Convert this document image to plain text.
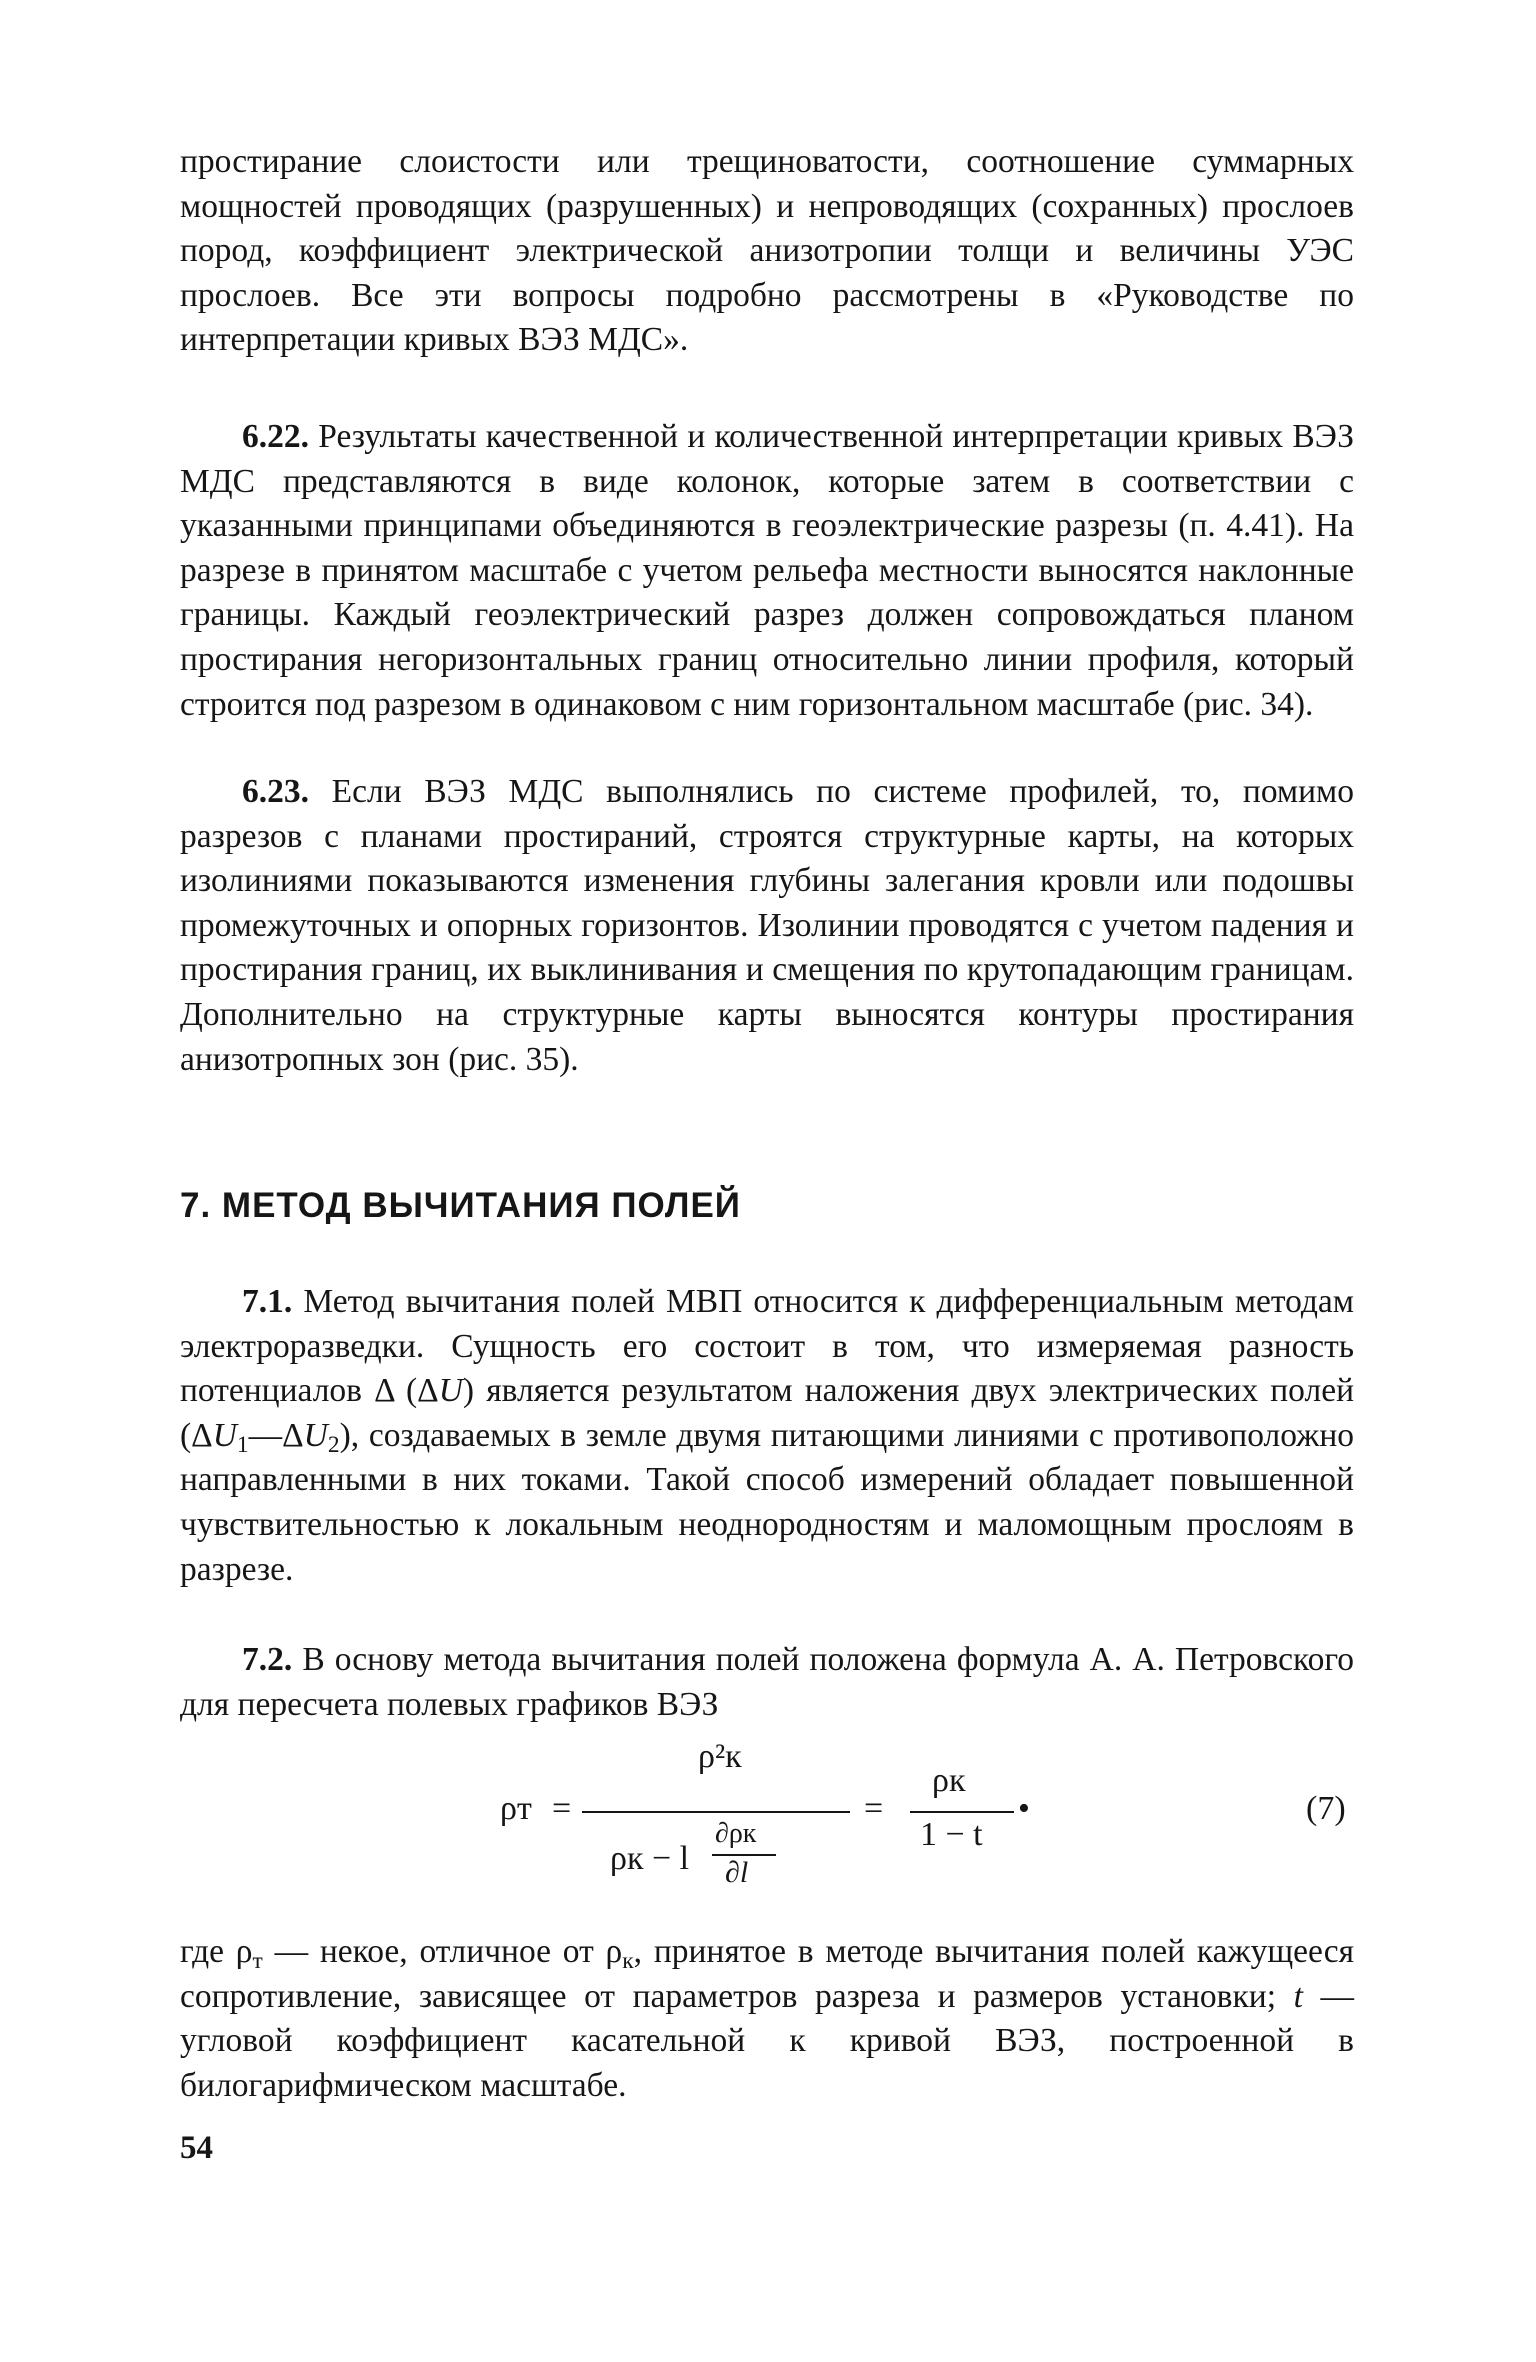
простирание слоистости или трещиноватости, соотношение суммарных мощностей проводящих (разрушенных) и непроводящих (сохранных) прослоев пород, коэффициент электрической анизотропии толщи и величины УЭС прослоев. Все эти вопросы подробно рассмотрены в «Руководстве по интерпретации кривых ВЭЗ МДС».

6.22. Результаты качественной и количественной интерпретации кривых ВЭЗ МДС представляются в виде колонок, которые затем в соответствии с указанными принципами объединяются в геоэлектрические разрезы (п. 4.41). На разрезе в принятом масштабе с учетом рельефа местности выносятся наклонные границы. Каждый геоэлектрический разрез должен сопровождаться планом простирания негоризонтальных границ относительно линии профиля, который строится под разрезом в одинаковом с ним горизонтальном масштабе (рис. 34).

6.23. Если ВЭЗ МДС выполнялись по системе профилей, то, помимо разрезов с планами простираний, строятся структурные карты, на которых изолиниями показываются изменения глубины залегания кровли или подошвы промежуточных и опорных горизонтов. Изолинии проводятся с учетом падения и простирания границ, их выклинивания и смещения по крутопадающим границам. Дополнительно на структурные карты выносятся контуры простирания анизотропных зон (рис. 35).

7. МЕТОД ВЫЧИТАНИЯ ПОЛЕЙ

7.1. Метод вычитания полей МВП относится к дифференциальным методам электроразведки. Сущность его состоит в том, что измеряемая разность потенциалов Δ (ΔU) является результатом наложения двух электрических полей $(\Delta U_1—\Delta U_2)$, создаваемых в земле двумя питающими линиями с противоположно направленными в них токами. Такой способ измерений обладает повышенной чувствительностью к локальным неоднородностям и маломощным прослоям в разрезе.

7.2. В основу метода вычитания полей положена формула А. А. Петровского для пересчета полевых графиков ВЭЗ

ρт =
ρ²к
ρк − l
∂ρк
∂l
=
ρк
1 − t
•	(7)

где $\rho_т$ — некое, отличное от $\rho_к$, принятое в методе вычитания полей кажущееся сопротивление, зависящее от параметров разреза и размеров установки; t — угловой коэффициент касательной к кривой ВЭЗ, построенной в билогарифмическом масштабе.

54
